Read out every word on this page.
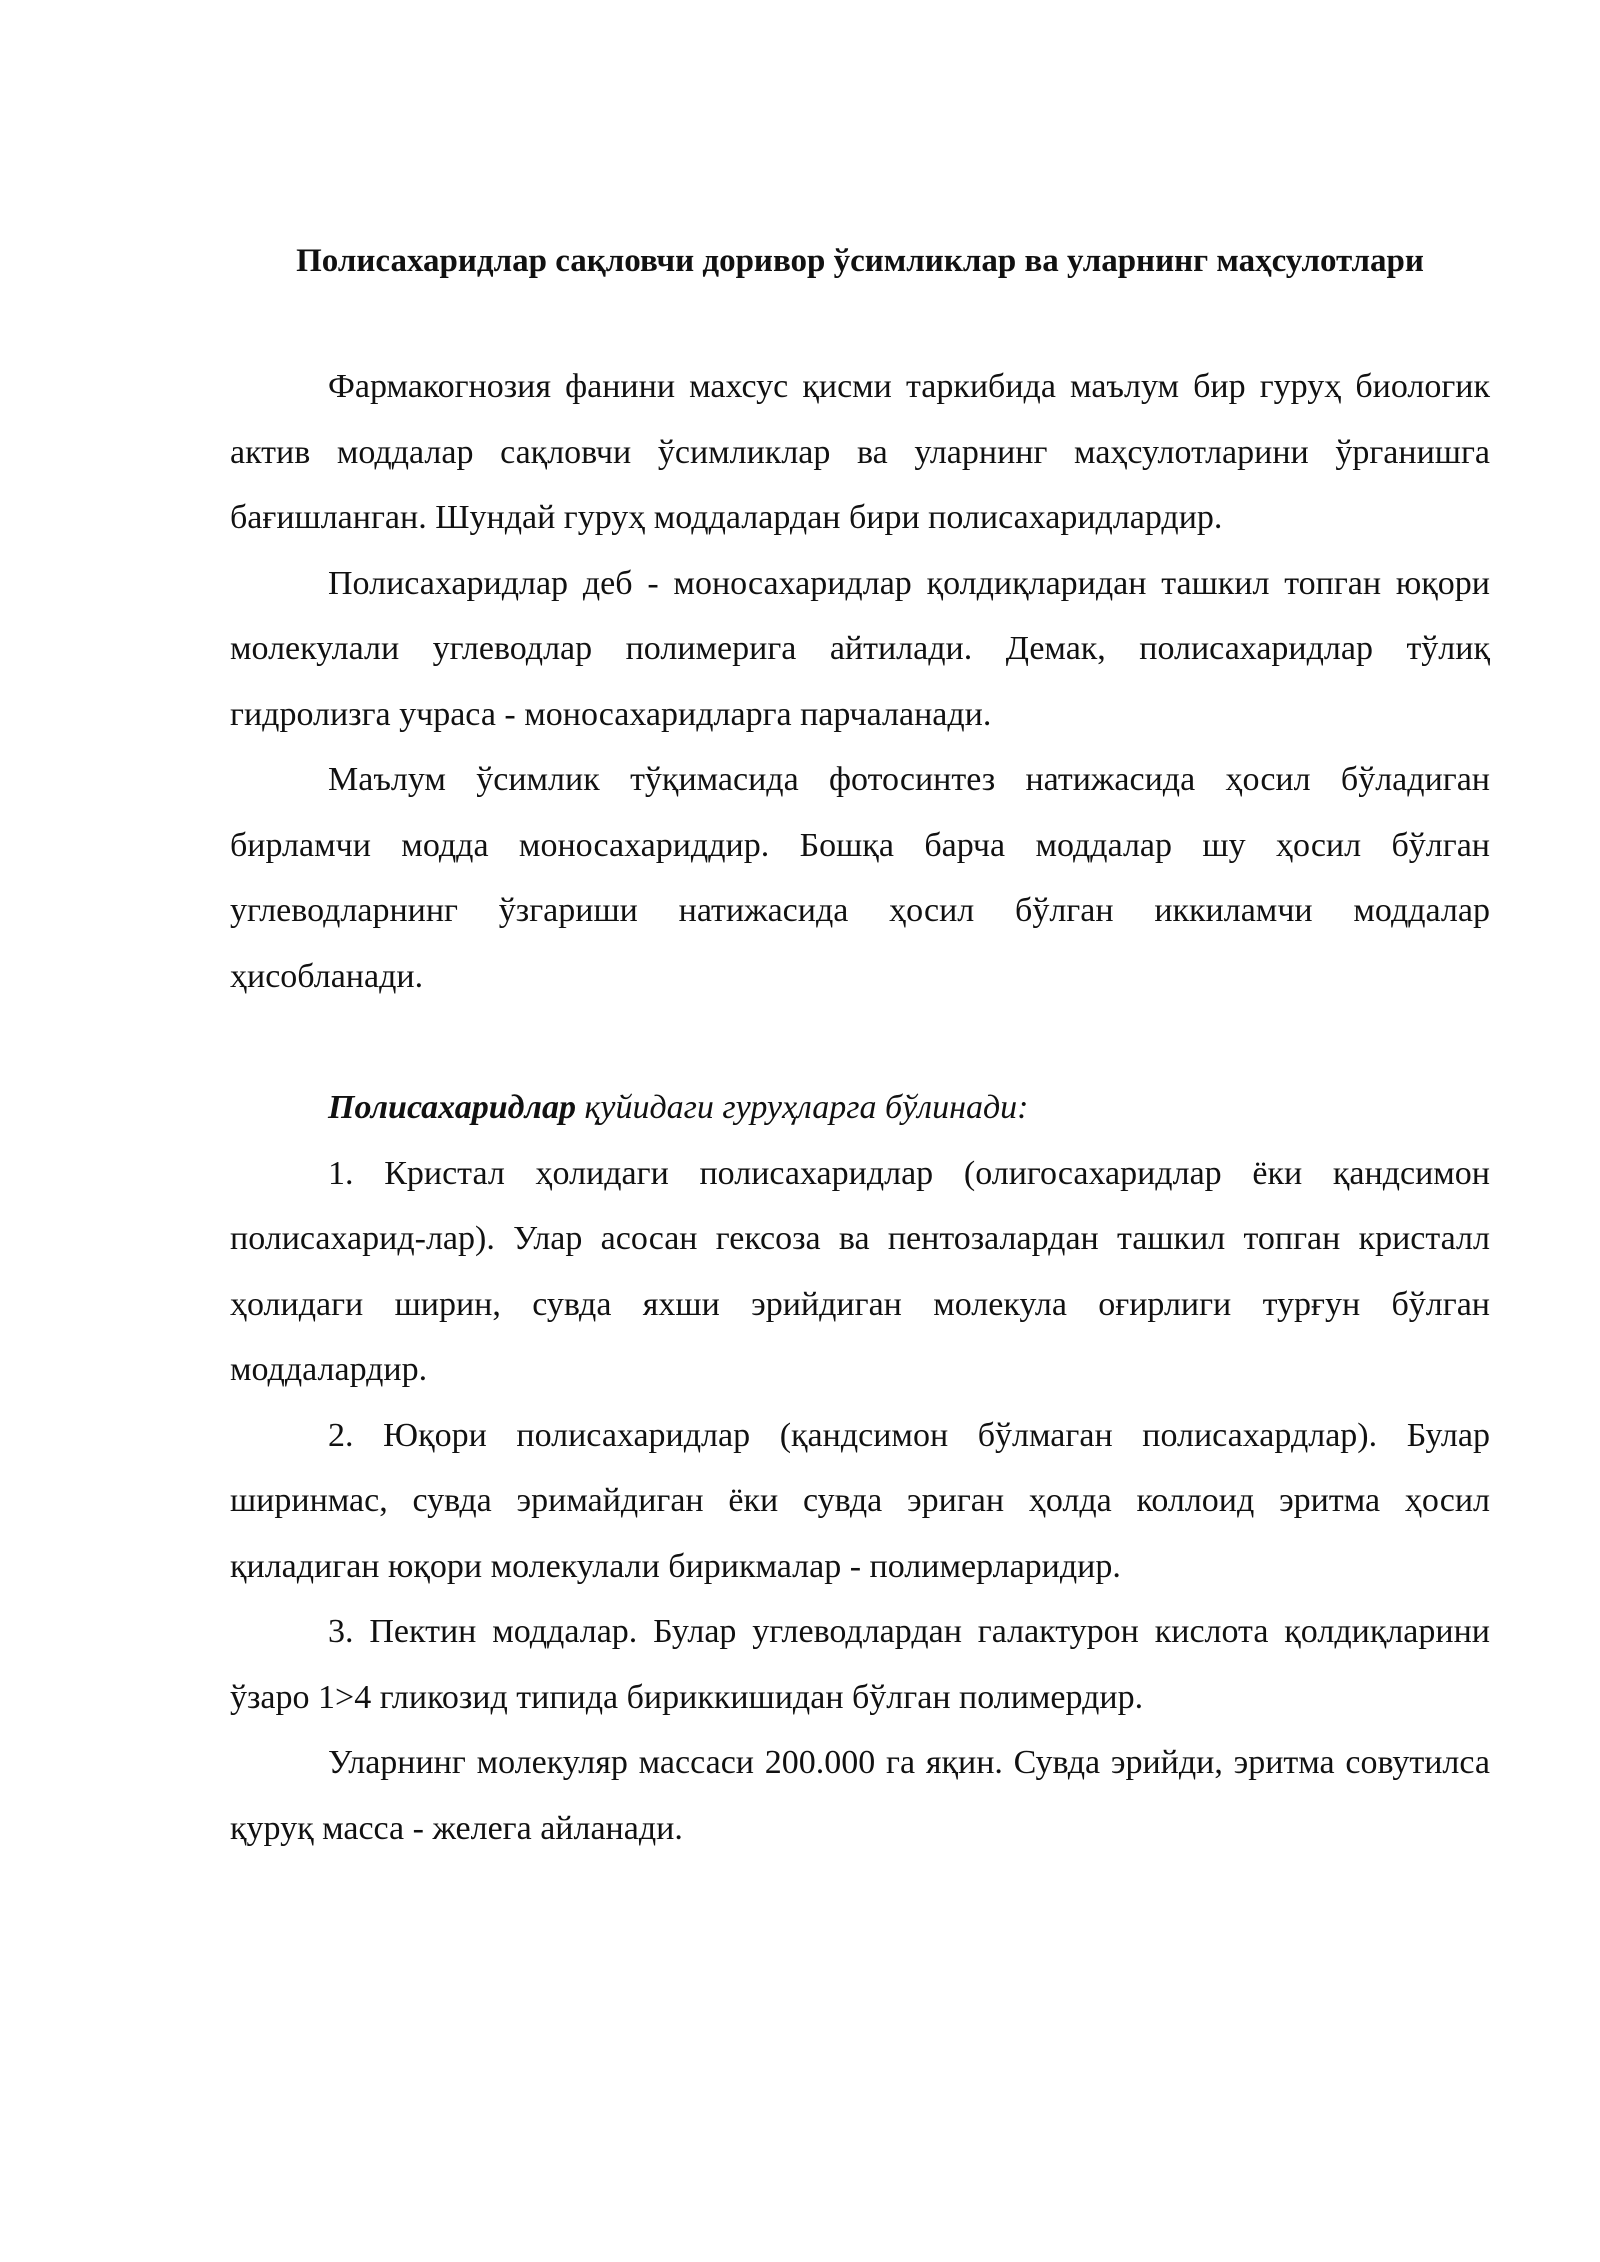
Полисахаридлар сақловчи доривор ўсимликлар ва уларнинг маҳсулотлари

Фармакогнозия фанини махсус қисми таркибида маълум бир гуруҳ биологик актив моддалар сақловчи ўсимликлар ва уларнинг маҳсулотларини ўрганишга бағишланган. Шундай гуруҳ моддалардан бири полисахаридлардир.

Полисахаридлар деб - моносахаридлар қолдиқларидан ташкил топган юқори молекулали углеводлар полимерига айтилади. Демак, полисахаридлар тўлиқ гидролизга учраса - моносахаридларга парчаланади.

Маълум ўсимлик тўқимасида фотосинтез натижасида ҳосил бўладиган бирламчи модда моносахариддир. Бошқа барча моддалар шу ҳосил бўлган углеводларнинг ўзгариши натижасида ҳосил бўлган иккиламчи моддалар ҳисобланади.

Полисахаридлар қуйидаги гуруҳларга бўлинади:

1. Кристал ҳолидаги полисахаридлар (олигосахаридлар ёки қандсимон полисахарид-лар). Улар асосан гексоза ва пентозалардан ташкил топган кристалл ҳолидаги ширин, сувда яхши эрийдиган молекула оғирлиги турғун бўлган моддалардир.

2. Юқори полисахаридлар (қандсимон бўлмаган полисахардлар). Булар ширинмас, сувда эримайдиган ёки сувда эриган ҳолда коллоид эритма ҳосил қиладиган юқори молекулали бирикмалар - полимерларидир.

3. Пектин моддалар. Булар углеводлардан галактурон кислота қолдиқларини ўзаро 1>4 гликозид типида бириккишидан бўлган полимердир.

Уларнинг молекуляр массаси 200.000 га яқин. Сувда эрийди, эритма совутилса қуруқ масса - желега айланади.
